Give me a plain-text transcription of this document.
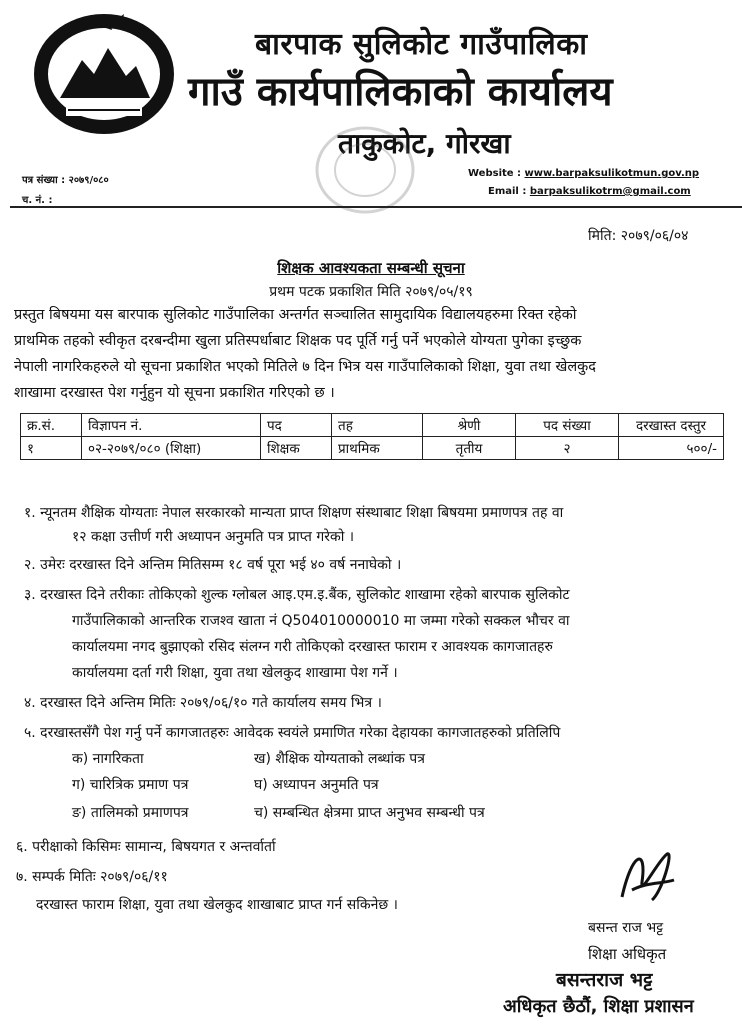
बारपाक सुलिकोट गाउँपालिका
गाउँ कार्यपालिकाको कार्यालय
ताकुकोट, गोरखा
पत्र संख्या : २०७९/०८०
च. नं. :
Website : www.barpaksulikotmun.gov.np
Email : barpaksulikotrm@gmail.com
मिति: २०७९/०६/०४
शिक्षक आवश्यकता सम्बन्धी सूचना
प्रथम पटक प्रकाशित मिति २०७९/०५/१९
प्रस्तुत बिषयमा यस बारपाक सुलिकोट गाउँपालिका अन्तर्गत सञ्चालित सामुदायिक विद्यालयहरुमा रिक्त रहेको
प्राथमिक तहको स्वीकृत दरबन्दीमा खुला प्रतिस्पर्धाबाट शिक्षक पद पूर्ति गर्नु पर्ने भएकोले योग्यता पुगेका इच्छुक
नेपाली नागरिकहरुले यो सूचना प्रकाशित भएको मितिले ७ दिन भित्र यस गाउँपालिकाको शिक्षा, युवा तथा खेलकुद
शाखामा दरखास्त पेश गर्नुहुन यो सूचना प्रकाशित गरिएको छ ।
क्र.सं.	विज्ञापन नं.	पद	तह	श्रेणी	पद संख्या	दरखास्त दस्तुर
१	०२-२०७९/०८० (शिक्षा)	शिक्षक	प्राथमिक	तृतीय	२	५००/-
१. न्यूनतम शैक्षिक योग्यताः नेपाल सरकारको मान्यता प्राप्त शिक्षण संस्थाबाट शिक्षा बिषयमा प्रमाणपत्र तह वा
१२ कक्षा उत्तीर्ण गरी अध्यापन अनुमति पत्र प्राप्त गरेको ।
२. उमेरः दरखास्त दिने अन्तिम मितिसम्म १८ वर्ष पूरा भई ४० वर्ष ननाघेको ।
३. दरखास्त दिने तरीकाः तोकिएको शुल्क ग्लोबल आइ.एम.इ.बैंक, सुलिकोट शाखामा रहेको बारपाक सुलिकोट
गाउँपालिकाको आन्तरिक राजश्व खाता नं Q504010000010 मा जम्मा गरेको सक्कल भौचर वा
कार्यालयमा नगद बुझाएको रसिद संलग्न गरी तोकिएको दरखास्त फाराम र आवश्यक कागजातहरु
कार्यालयमा दर्ता गरी शिक्षा, युवा तथा खेलकुद शाखामा पेश गर्ने ।
४. दरखास्त दिने अन्तिम मितिः २०७९/०६/१० गते कार्यालय समय भित्र ।
५. दरखास्तसँगै पेश गर्नु पर्ने कागजातहरुः आवेदक स्वयंले प्रमाणित गरेका देहायका कागजातहरुको प्रतिलिपि
क) नागरिकता	ख) शैक्षिक योग्यताको लब्धांक पत्र
ग) चारित्रिक प्रमाण पत्र	घ) अध्यापन अनुमति पत्र
ङ) तालिमको प्रमाणपत्र	च) सम्बन्धित क्षेत्रमा प्राप्त अनुभव सम्बन्धी पत्र
६. परीक्षाको किसिमः सामान्य, बिषयगत र अन्तर्वार्ता
७. सम्पर्क मितिः २०७९/०६/११
दरखास्त फाराम शिक्षा, युवा तथा खेलकुद शाखाबाट प्राप्त गर्न सकिनेछ ।
बसन्त राज भट्ट
शिक्षा अधिकृत
बसन्तराज भट्ट
अधिकृत छैठौं, शिक्षा प्रशासन
